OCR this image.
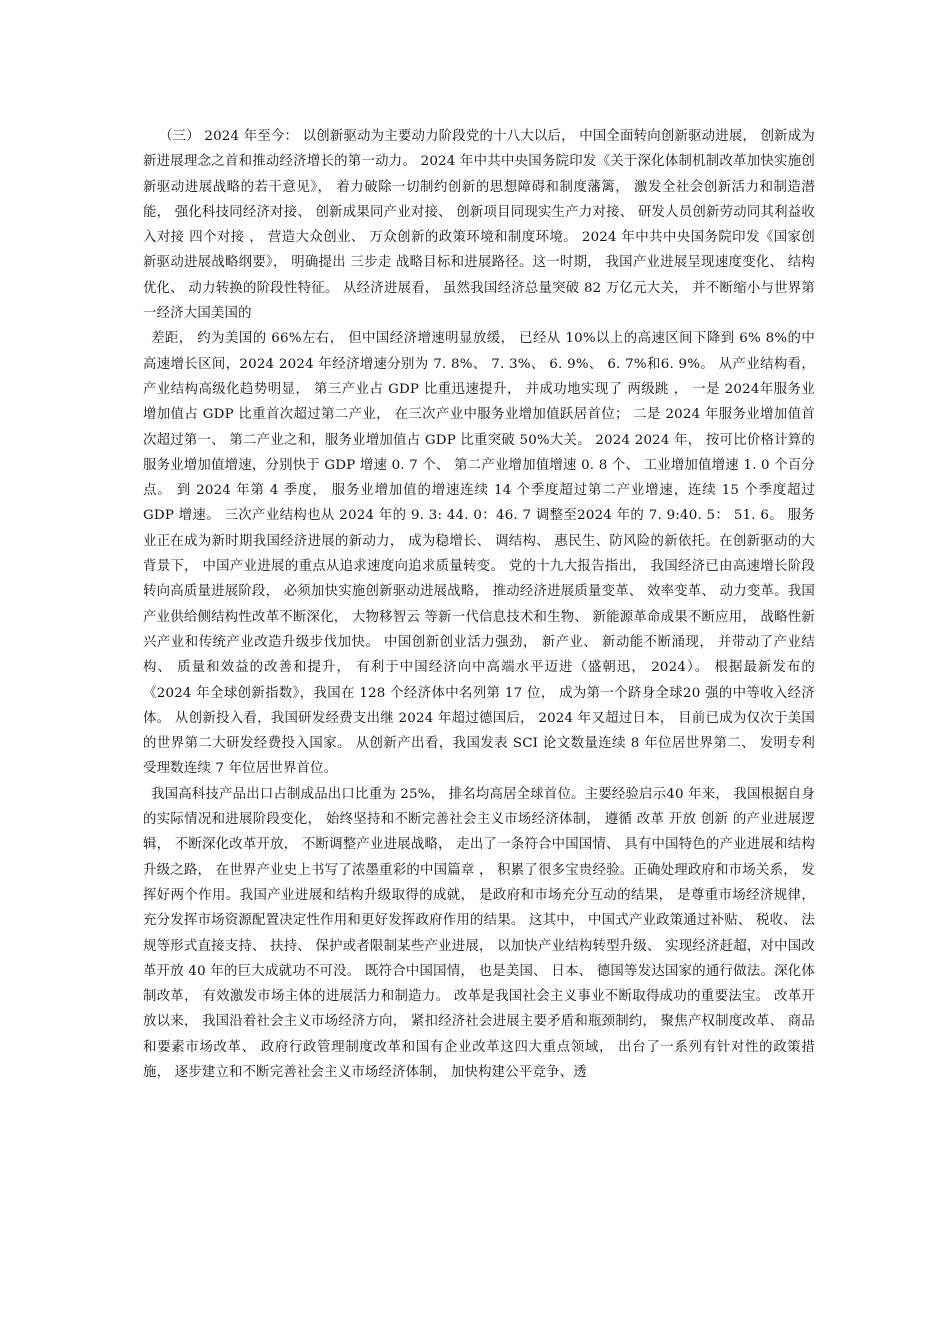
（三） 2024 年至今： 以创新驱动为主要动力阶段党的十八大以后， 中国全面转向创新驱动进展， 创新成为新进展理念之首和推动经济增长的第一动力。 2024 年中共中央国务院印发《关于深化体制机制改革加快实施创新驱动进展战略的若干意见》， 着力破除一切制约创新的思想障碍和制度藩篱， 激发全社会创新活力和制造潜能， 强化科技同经济对接、 创新成果同产业对接、 创新项目同现实生产力对接、 研发人员创新劳动同其利益收入对接 四个对接 ， 营造大众创业、 万众创新的政策环境和制度环境。 2024 年中共中央国务院印发《国家创新驱动进展战略纲要》， 明确提出 三步走 战略目标和进展路径。这一时期， 我国产业进展呈现速度变化、 结构优化、 动力转换的阶段性特征。 从经济进展看， 虽然我国经济总量突破 82 万亿元大关， 并不断缩小与世界第一经济大国美国的

差距， 约为美国的 66%左右， 但中国经济增速明显放缓， 已经从 10%以上的高速区间下降到 6% 8%的中高速增长区间，2024 2024 年经济增速分别为 7. 8%、 7. 3%、 6. 9%、 6. 7%和6. 9%。 从产业结构看， 产业结构高级化趋势明显， 第三产业占 GDP 比重迅速提升， 并成功地实现了 两级跳 ， 一是 2024年服务业增加值占 GDP 比重首次超过第二产业， 在三次产业中服务业增加值跃居首位； 二是 2024 年服务业增加值首次超过第一、 第二产业之和，服务业增加值占 GDP 比重突破 50%大关。 2024 2024 年， 按可比价格计算的服务业增加值增速，分别快于 GDP 增速 0. 7 个、 第二产业增加值增速 0. 8 个、 工业增加值增速 1. 0 个百分点。 到 2024 年第 4 季度， 服务业增加值的增速连续 14 个季度超过第二产业增速，连续 15 个季度超过 GDP 增速。 三次产业结构也从 2024 年的 9. 3: 44. 0：46. 7 调整至2024 年的 7. 9:40. 5： 51. 6。 服务业正在成为新时期我国经济进展的新动力， 成为稳增长、 调结构、 惠民生、防风险的新依托。在创新驱动的大背景下， 中国产业进展的重点从追求速度向追求质量转变。 党的十九大报告指出， 我国经济已由高速增长阶段转向高质量进展阶段， 必须加快实施创新驱动进展战略， 推动经济进展质量变革、 效率变革、 动力变革。我国产业供给侧结构性改革不断深化， 大物移智云 等新一代信息技术和生物、 新能源革命成果不断应用， 战略性新兴产业和传统产业改造升级步伐加快。 中国创新创业活力强劲， 新产业、 新动能不断涌现， 并带动了产业结构、 质量和效益的改善和提升， 有利于中国经济向中高端水平迈进（盛朝迅， 2024）。 根据最新发布的《2024 年全球创新指数》，我国在 128 个经济体中名列第 17 位， 成为第一个跻身全球20 强的中等收入经济体。 从创新投入看，我国研发经费支出继 2024 年超过德国后， 2024 年又超过日本， 目前已成为仅次于美国的世界第二大研发经费投入国家。 从创新产出看，我国发表 SCI 论文数量连续 8 年位居世界第二、 发明专利受理数连续 7 年位居世界首位。

我国高科技产品出口占制成品出口比重为 25%， 排名均高居全球首位。主要经验启示40 年来， 我国根据自身的实际情况和进展阶段变化， 始终坚持和不断完善社会主义市场经济体制， 遵循 改革 开放 创新 的产业进展逻辑， 不断深化改革开放， 不断调整产业进展战略， 走出了一条符合中国国情、 具有中国特色的产业进展和结构升级之路， 在世界产业史上书写了浓墨重彩的中国篇章 ， 积累了很多宝贵经验。正确处理政府和市场关系， 发挥好两个作用。我国产业进展和结构升级取得的成就， 是政府和市场充分互动的结果， 是尊重市场经济规律， 充分发挥市场资源配置决定性作用和更好发挥政府作用的结果。 这其中， 中国式产业政策通过补贴、 税收、 法规等形式直接支持、 扶持、 保护或者限制某些产业进展， 以加快产业结构转型升级、 实现经济赶超，对中国改革开放 40 年的巨大成就功不可没。 既符合中国国情， 也是美国、 日本、 德国等发达国家的通行做法。深化体制改革， 有效激发市场主体的进展活力和制造力。 改革是我国社会主义事业不断取得成功的重要法宝。 改革开放以来， 我国沿着社会主义市场经济方向， 紧扣经济社会进展主要矛盾和瓶颈制约， 聚焦产权制度改革、 商品和要素市场改革、 政府行政管理制度改革和国有企业改革这四大重点领域， 出台了一系列有针对性的政策措施， 逐步建立和不断完善社会主义市场经济体制， 加快构建公平竞争、透
